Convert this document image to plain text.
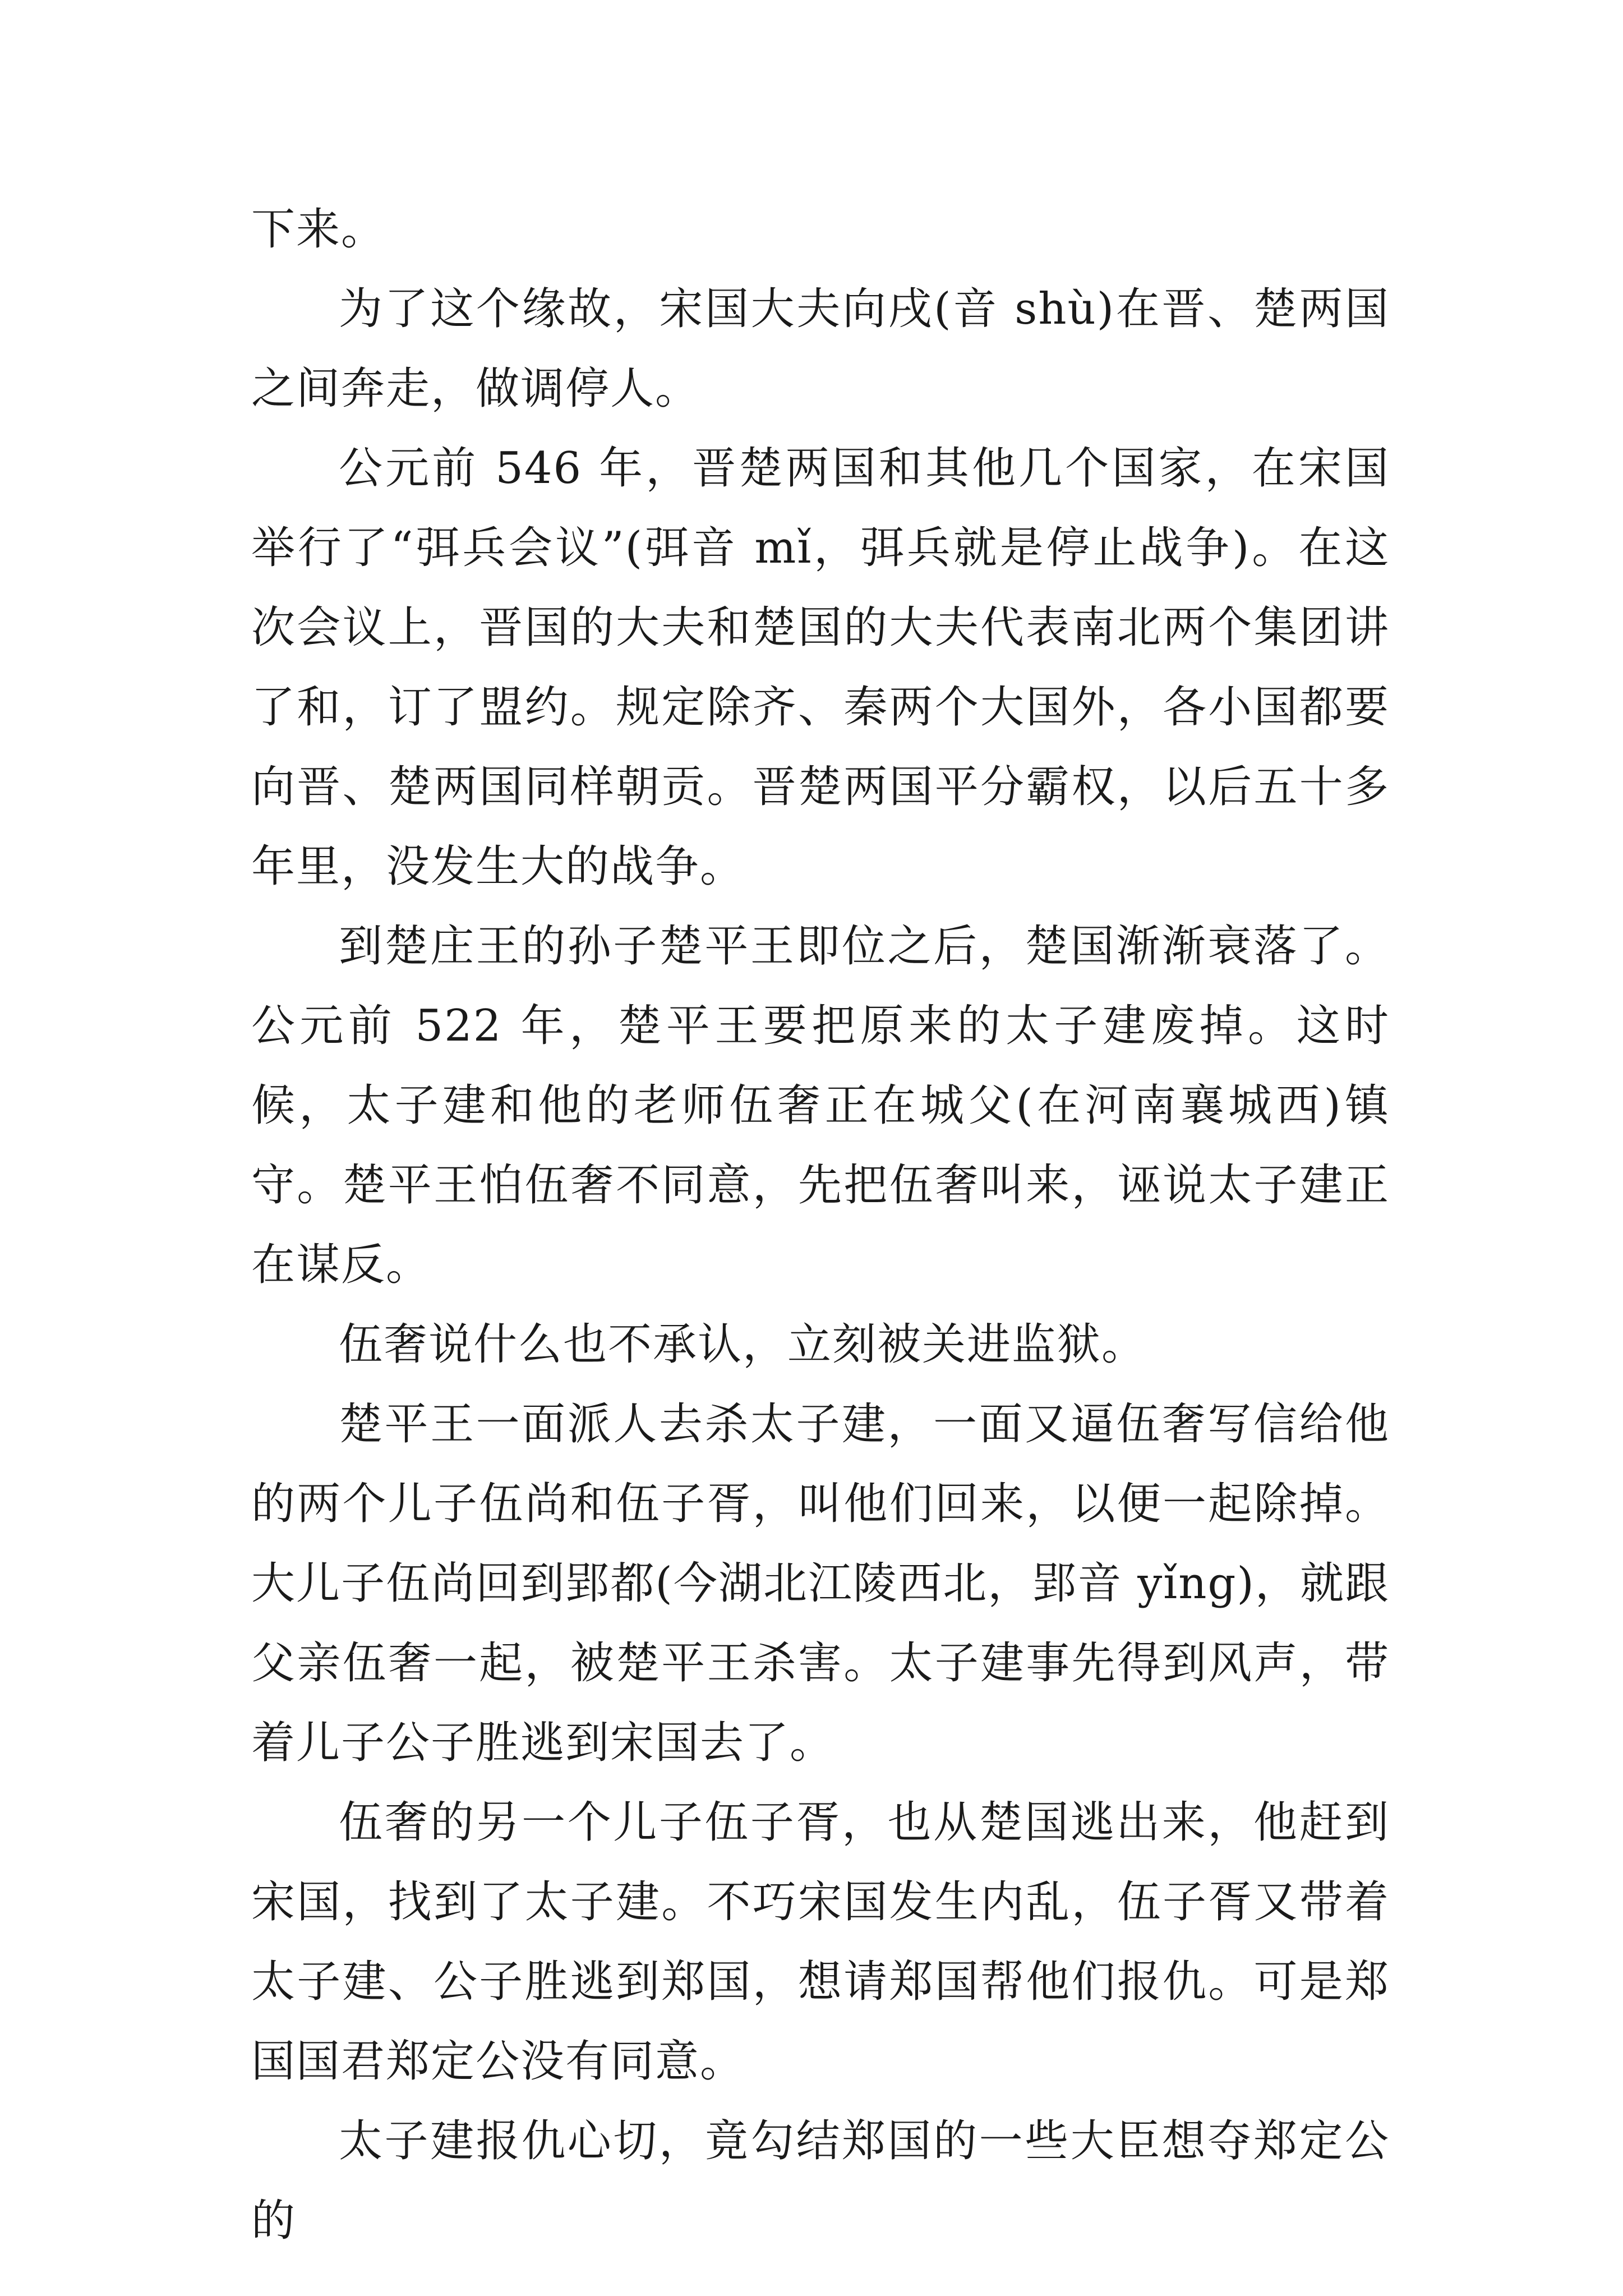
下来。

为了这个缘故，宋国大夫向戌(音 shù)在晋、楚两国之间奔走，做调停人。

公元前 546 年，晋楚两国和其他几个国家，在宋国举行了“弭兵会议”(弭音 mǐ，弭兵就是停止战争)。在这次会议上，晋国的大夫和楚国的大夫代表南北两个集团讲了和，订了盟约。规定除齐、秦两个大国外，各小国都要向晋、楚两国同样朝贡。晋楚两国平分霸权，以后五十多年里，没发生大的战争。

到楚庄王的孙子楚平王即位之后，楚国渐渐衰落了。公元前 522 年，楚平王要把原来的太子建废掉。这时候，太子建和他的老师伍奢正在城父(在河南襄城西)镇守。楚平王怕伍奢不同意，先把伍奢叫来，诬说太子建正在谋反。

伍奢说什么也不承认，立刻被关进监狱。

楚平王一面派人去杀太子建，一面又逼伍奢写信给他的两个儿子伍尚和伍子胥，叫他们回来，以便一起除掉。大儿子伍尚回到郢都(今湖北江陵西北，郢音 yǐng)，就跟父亲伍奢一起，被楚平王杀害。太子建事先得到风声，带着儿子公子胜逃到宋国去了。

伍奢的另一个儿子伍子胥，也从楚国逃出来，他赶到宋国，找到了太子建。不巧宋国发生内乱，伍子胥又带着太子建、公子胜逃到郑国，想请郑国帮他们报仇。可是郑国国君郑定公没有同意。

太子建报仇心切，竟勾结郑国的一些大臣想夺郑定公的
